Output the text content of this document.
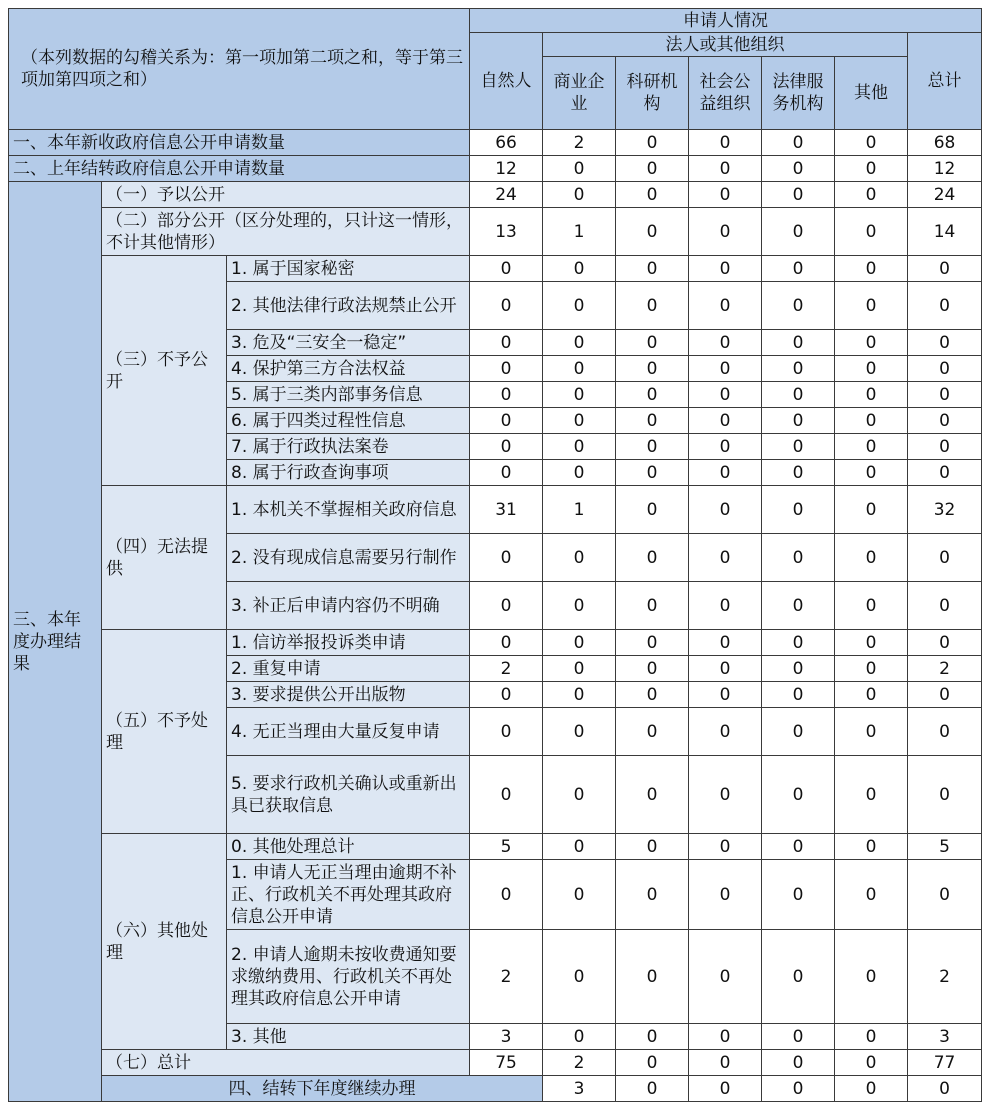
（本列数据的勾稽关系为：第一项加第二项之和，等于第三项加第四项之和）			申请人情况							
			自然人	法人或其他组织					总计	
				商业企业	科研机构	社会公益组织	法律服务机构	其他		
一、本年新收政府信息公开申请数量			66	2	0	0	0	0	68	
二、上年结转政府信息公开申请数量			12	0	0	0	0	0	12	
三、本年度办理结果	（一）予以公开		24	0	0	0	0	0	24	
	（二）部分公开（区分处理的，只计这一情形，不计其他情形）		13	1	0	0	0	0	14	
	（三）不予公开	1. 属于国家秘密	0	0	0	0	0	0	0	
		2. 其他法律行政法规禁止公开	0	0	0	0	0	0	0	
		3. 危及“三安全一稳定”	0	0	0	0	0	0	0	
		4. 保护第三方合法权益	0	0	0	0	0	0	0	
		5. 属于三类内部事务信息	0	0	0	0	0	0	0	
		6. 属于四类过程性信息	0	0	0	0	0	0	0	
		7. 属于行政执法案卷	0	0	0	0	0	0	0	
		8. 属于行政查询事项	0	0	0	0	0	0	0	
	（四）无法提供	1. 本机关不掌握相关政府信息	31	1	0	0	0	0	32	
		2. 没有现成信息需要另行制作	0	0	0	0	0	0	0	
		3. 补正后申请内容仍不明确	0	0	0	0	0	0	0	
	（五）不予处理	1. 信访举报投诉类申请	0	0	0	0	0	0	0	
		2. 重复申请	2	0	0	0	0	0	2	
		3. 要求提供公开出版物	0	0	0	0	0	0	0	
		4. 无正当理由大量反复申请	0	0	0	0	0	0	0	
		5. 要求行政机关确认或重新出具已获取信息	0	0	0	0	0	0	0	
	（六）其他处理	0. 其他处理总计	5	0	0	0	0	0	5	
		1. 申请人无正当理由逾期不补正、行政机关不再处理其政府信息公开申请	0	0	0	0	0	0	0	
		2. 申请人逾期未按收费通知要求缴纳费用、行政机关不再处理其政府信息公开申请	2	0	0	0	0	0	2	
		3. 其他	3	0	0	0	0	0	3	
	（七）总计		75	2	0	0	0	0	77	
	四、结转下年度继续办理			3	0	0	0	0	0	
